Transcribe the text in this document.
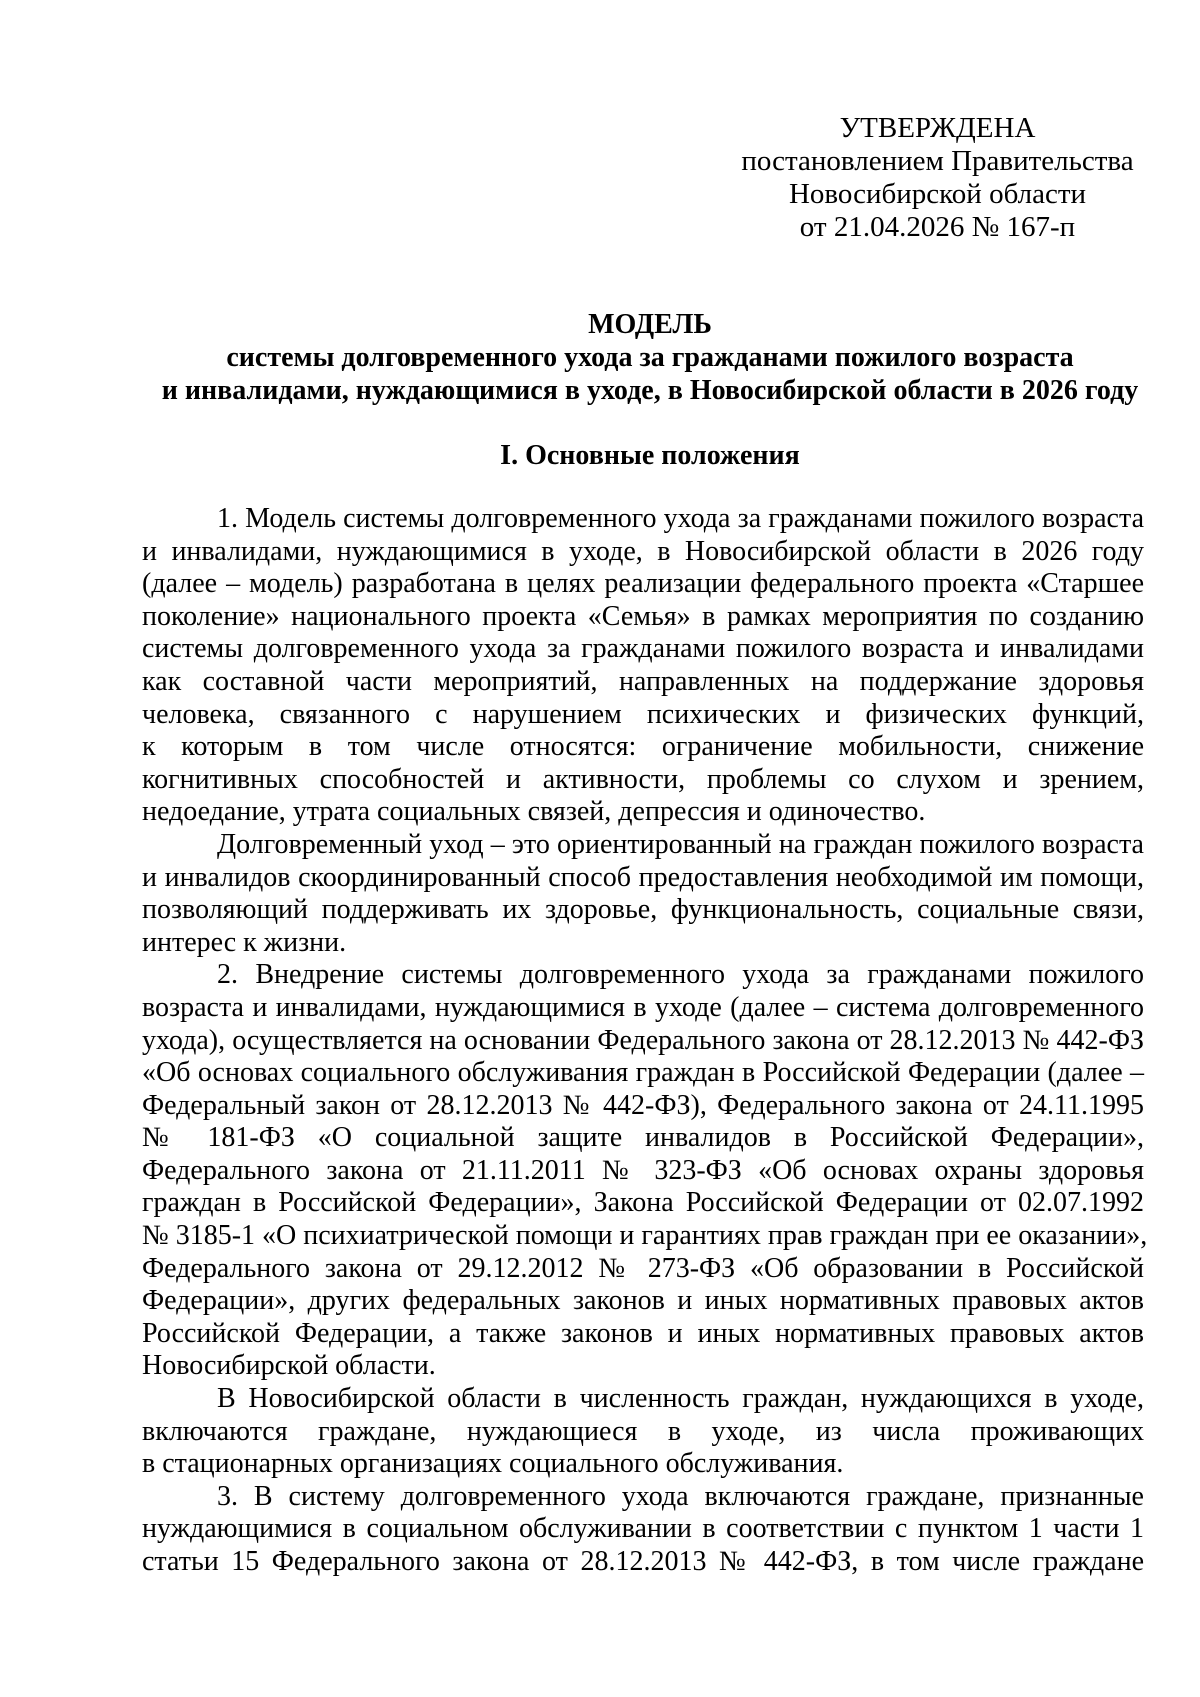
УТВЕРЖДЕНА
постановлением Правительства
Новосибирской области
от 21.04.2026 № 167-п
МОДЕЛЬ
системы долговременного ухода за гражданами пожилого возраста
и инвалидами, нуждающимися в уходе, в Новосибирской области в 2026 году
I. Основные положения
1. Модель системы долговременного ухода за гражданами пожилого возраста
и инвалидами, нуждающимися в уходе, в Новосибирской области в 2026 году
(далее – модель) разработана в целях реализации федерального проекта «Старшее
поколение» национального проекта «Семья» в рамках мероприятия по созданию
системы долговременного ухода за гражданами пожилого возраста и инвалидами
как составной части мероприятий, направленных на поддержание здоровья
человека, связанного с нарушением психических и физических функций,
к которым в том числе относятся: ограничение мобильности, снижение
когнитивных способностей и активности, проблемы со слухом и зрением,
недоедание, утрата социальных связей, депрессия и одиночество.
Долговременный уход – это ориентированный на граждан пожилого возраста
и инвалидов скоординированный способ предоставления необходимой им помощи,
позволяющий поддерживать их здоровье, функциональность, социальные связи,
интерес к жизни.
2. Внедрение системы долговременного ухода за гражданами пожилого
возраста и инвалидами, нуждающимися в уходе (далее – система долговременного
ухода), осуществляется на основании Федерального закона от 28.12.2013 № 442-ФЗ
«Об основах социального обслуживания граждан в Российской Федерации (далее –
Федеральный закон от 28.12.2013 № 442-ФЗ), Федерального закона от 24.11.1995
№ 181-ФЗ «О социальной защите инвалидов в Российской Федерации»,
Федерального закона от 21.11.2011 № 323-ФЗ «Об основах охраны здоровья
граждан в Российской Федерации», Закона Российской Федерации от 02.07.1992
№ 3185-1 «О психиатрической помощи и гарантиях прав граждан при ее оказании»,
Федерального закона от 29.12.2012 № 273-ФЗ «Об образовании в Российской
Федерации», других федеральных законов и иных нормативных правовых актов
Российской Федерации, а также законов и иных нормативных правовых актов
Новосибирской области.
В Новосибирской области в численность граждан, нуждающихся в уходе,
включаются граждане, нуждающиеся в уходе, из числа проживающих
в стационарных организациях социального обслуживания.
3. В систему долговременного ухода включаются граждане, признанные
нуждающимися в социальном обслуживании в соответствии с пунктом 1 части 1
статьи 15 Федерального закона от 28.12.2013 № 442-ФЗ, в том числе граждане
